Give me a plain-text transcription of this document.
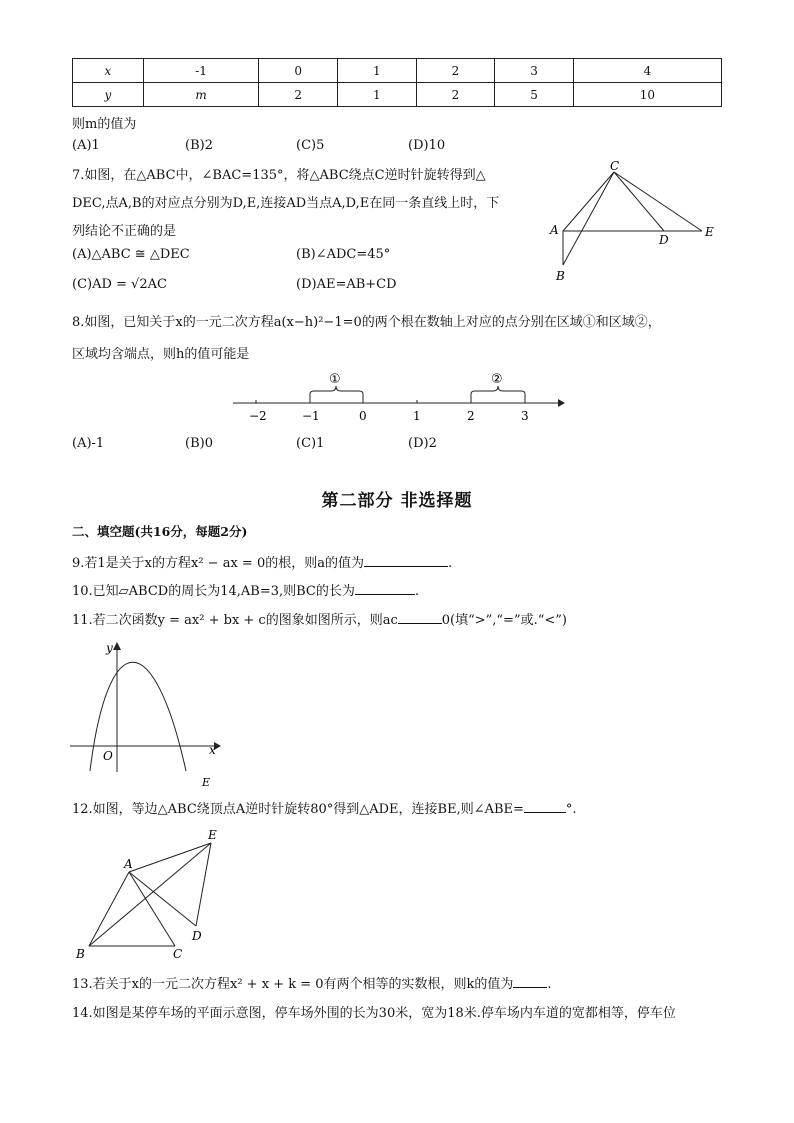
x	-1	0	1	2	3	4
y	m	2	1	2	5	10
则m的值为
(A)1	(B)2	(C)5	(D)10
7.如图，在△ABC中，∠BAC=135°，将△ABC绕点C逆时针旋转得到△
DEC,点A,B的对应点分别为D,E,连接AD当点A,D,E在同一条直线上时，下
列结论不正确的是
(A)△ABC ≅ △DEC	(B)∠ADC=45°
(C)AD = √2AC	(D)AE=AB+CD
C
A
D
E
B
8.如图，已知关于x的一元二次方程a(x−h)²−1=0的两个根在数轴上对应的点分别在区域①和区域②，
区域均含端点，则h的值可能是
①	②
−2	−1	0	1	2	3
(A)-1	(B)0	(C)1	(D)2
第二部分 非选择题
二、填空题(共16分，每题2分)
9.若1是关于x的方程x² − ax = 0的根，则a的值为	.
10.已知▱ABCD的周长为14,AB=3,则BC的长为	.
11.若二次函数y = ax² + bx + c的图象如图所示，则ac	0(填“>”,“=”或.“<”)
y
x
O
E
12.如图，等边△ABC绕顶点A逆时针旋转80°得到△ADE，连接BE,则∠ABE=	°.
E
A
D
B	C
13.若关于x的一元二次方程x² + x + k = 0有两个相等的实数根，则k的值为	.
14.如图是某停车场的平面示意图，停车场外围的长为30米，宽为18米.停车场内车道的宽都相等，停车位
